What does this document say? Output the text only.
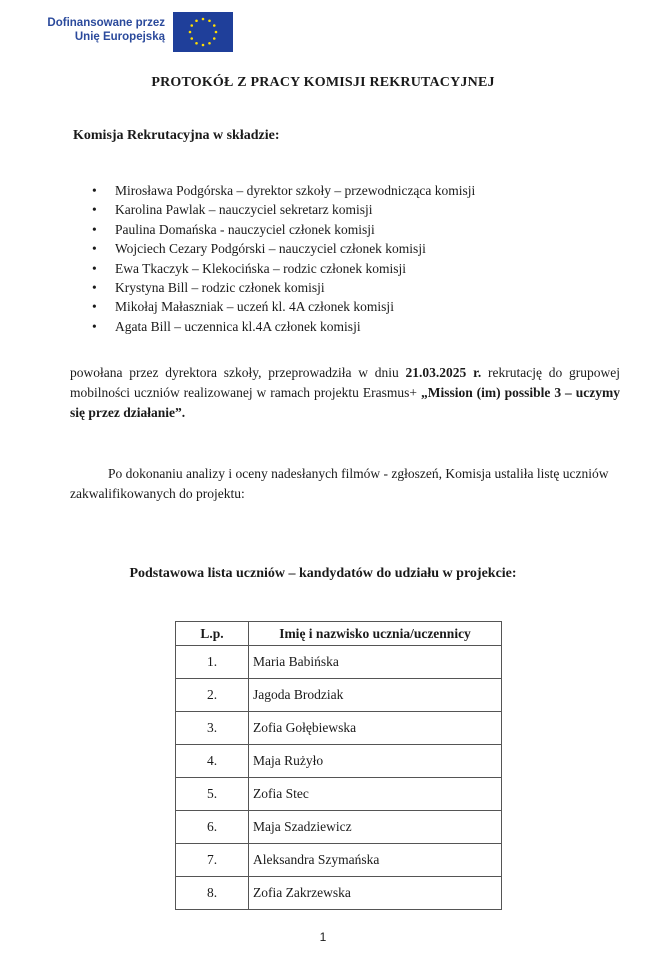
Dofinansowane przez
Unię Europejską
PROTOKÓŁ Z PRACY KOMISJI REKRUTACYJNEJ
Komisja Rekrutacyjna w składzie:
• Mirosława Podgórska – dyrektor szkoły – przewodnicząca komisji
• Karolina Pawlak – nauczyciel sekretarz komisji
• Paulina Domańska - nauczyciel członek komisji
• Wojciech Cezary Podgórski – nauczyciel członek komisji
• Ewa Tkaczyk – Klekocińska – rodzic członek komisji
• Krystyna Bill – rodzic członek komisji
• Mikołaj Małaszniak – uczeń kl. 4A członek komisji
• Agata Bill – uczennica kl.4A członek komisji
powołana przez dyrektora szkoły, przeprowadziła w dniu 21.03.2025 r. rekrutację do grupowej mobilności uczniów realizowanej w ramach projektu Erasmus+ „Mission (im) possible 3 – uczymy się przez działanie”.
Po dokonaniu analizy i oceny nadesłanych filmów - zgłoszeń, Komisja ustaliła listę uczniów zakwalifikowanych do projektu:
Podstawowa lista uczniów – kandydatów do udziału w projekcie:
L.p.	Imię i nazwisko ucznia/uczennicy
1.	Maria Babińska
2.	Jagoda Brodziak
3.	Zofia Gołębiewska
4.	Maja Rużyło
5.	Zofia Stec
6.	Maja Szadziewicz
7.	Aleksandra Szymańska
8.	Zofia Zakrzewska
1
